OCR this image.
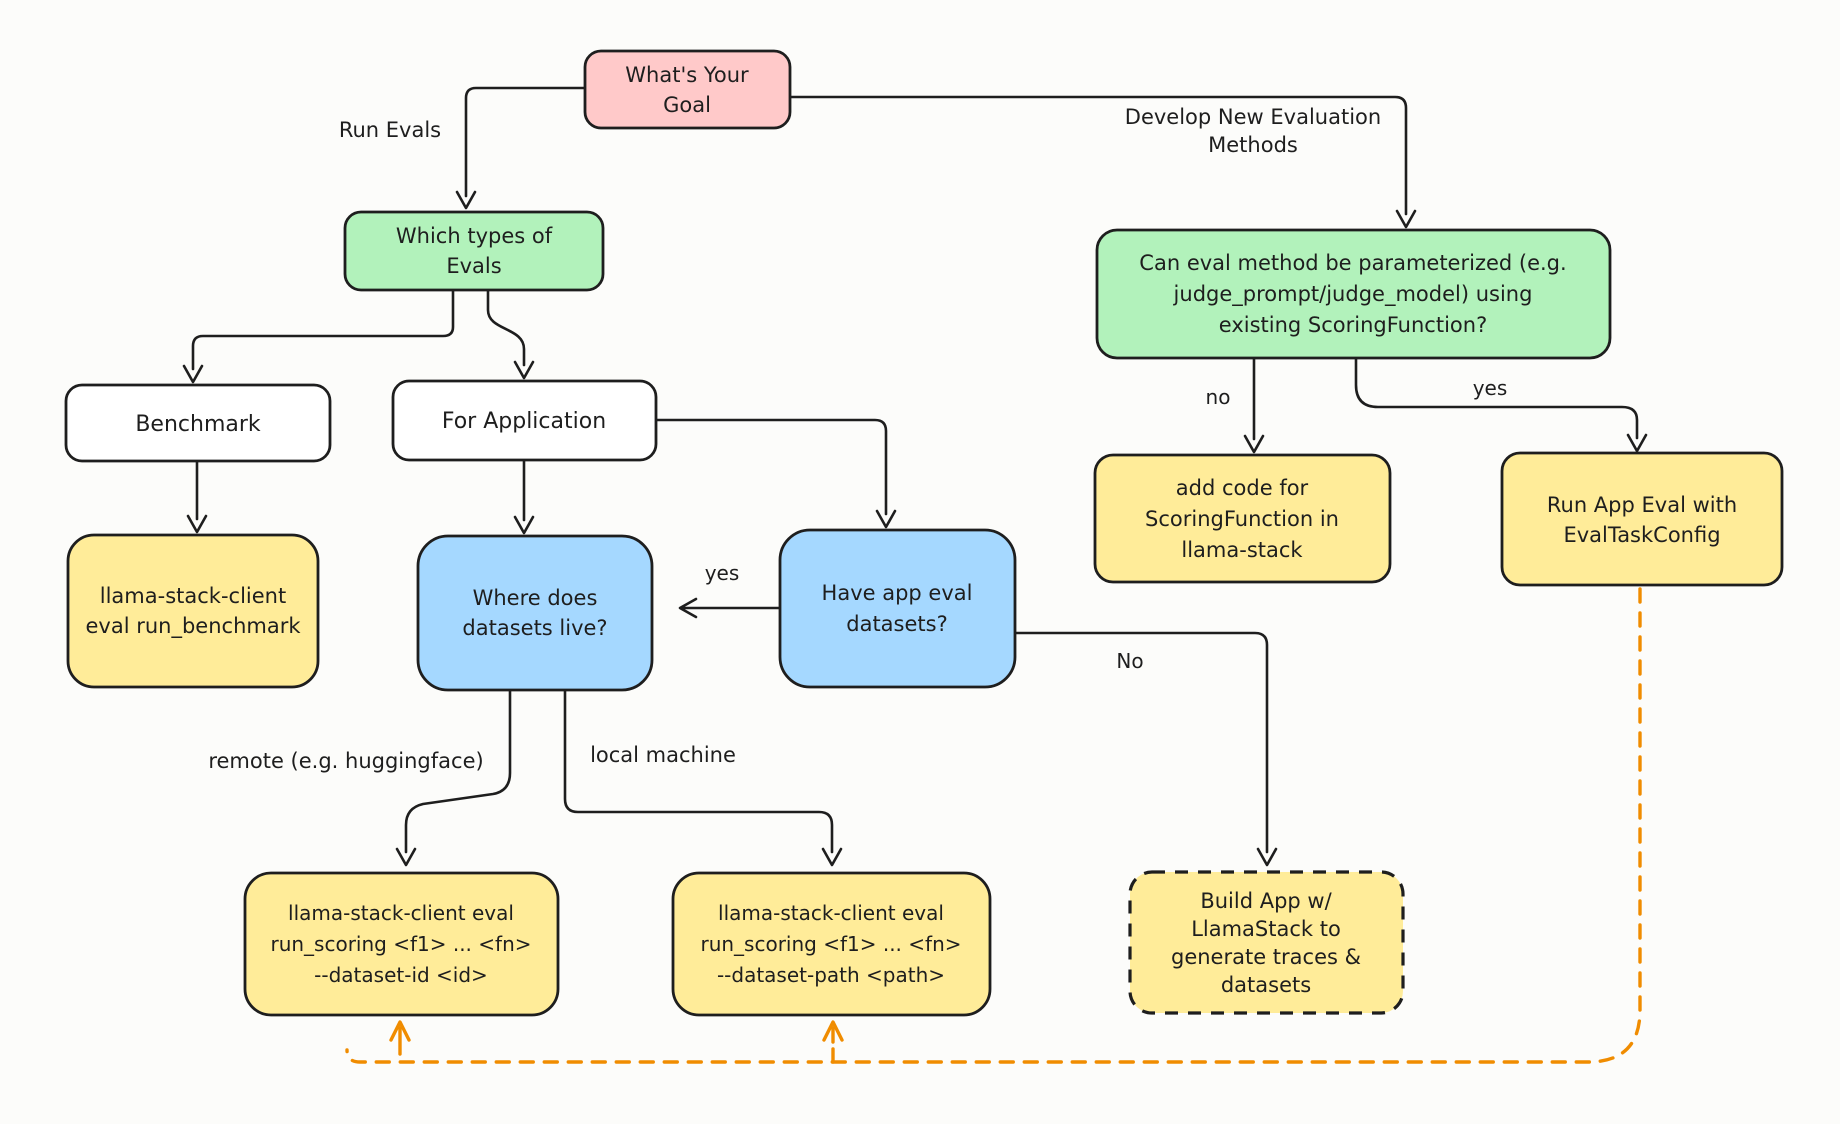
Run Evals
Develop New Evaluation
Methods
yes
No
no	yes
remote (e.g. huggingface)	local machine
What's Your
Goal
Which types of
Evals	Can eval method be parameterized (e.g.
judge_prompt/judge_model) using
existing ScoringFunction?
Benchmark	For Application
llama-stack-client
eval run_benchmark
Where does
datasets live?
Have app eval
datasets?
add code for
ScoringFunction in
llama-stack
Run App Eval with
EvalTaskConfig
llama-stack-client eval
run_scoring <f1> ... <fn>
--dataset-id <id>
llama-stack-client eval
run_scoring <f1> ... <fn>
--dataset-path <path>
Build App w/
LlamaStack to
generate traces &
datasets
